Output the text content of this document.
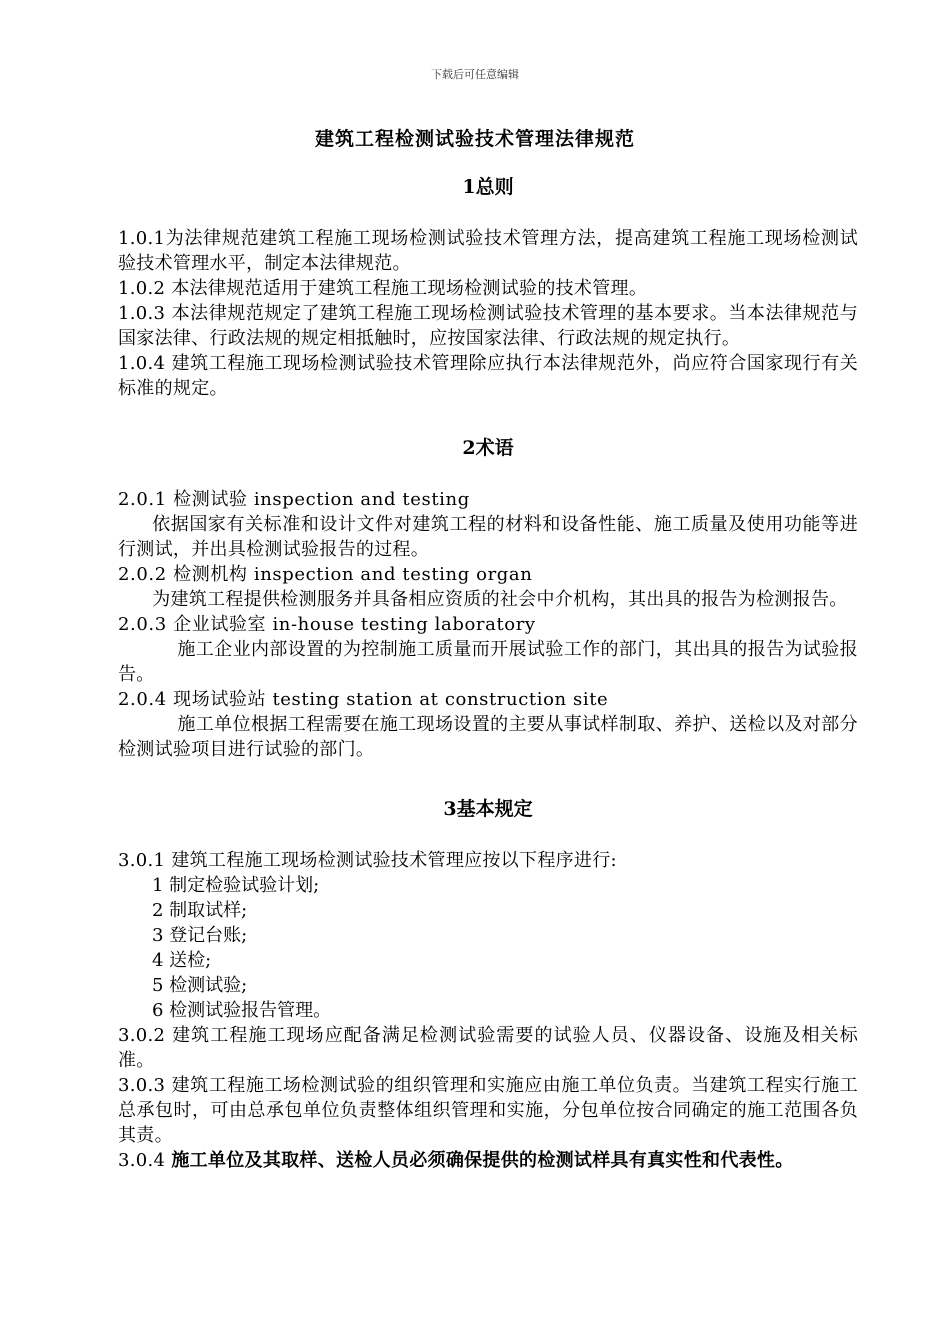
下载后可任意编辑
建筑工程检测试验技术管理法律规范
1总则

1.0.1为法律规范建筑工程施工现场检测试验技术管理方法，提高建筑工程施工现场检测试验技术管理水平，制定本法律规范。

1.0.2 本法律规范适用于建筑工程施工现场检测试验的技术管理。

1.0.3 本法律规范规定了建筑工程施工现场检测试验技术管理的基本要求。当本法律规范与国家法律、行政法规的规定相抵触时，应按国家法律、行政法规的规定执行。

1.0.4 建筑工程施工现场检测试验技术管理除应执行本法律规范外，尚应符合国家现行有关标准的规定。

2术语

2.0.1 检测试验 inspection and testing

依据国家有关标准和设计文件对建筑工程的材料和设备性能、施工质量及使用功能等进行测试，并出具检测试验报告的过程。

2.0.2 检测机构 inspection and testing organ

为建筑工程提供检测服务并具备相应资质的社会中介机构，其出具的报告为检测报告。

2.0.3 企业试验室 in-house testing laboratory

施工企业内部设置的为控制施工质量而开展试验工作的部门，其出具的报告为试验报告。

2.0.4 现场试验站 testing station at construction site

施工单位根据工程需要在施工现场设置的主要从事试样制取、养护、送检以及对部分检测试验项目进行试验的部门。

3基本规定

3.0.1 建筑工程施工现场检测试验技术管理应按以下程序进行:

1 制定检验试验计划;

2 制取试样;

3 登记台账;

4 送检;

5 检测试验;

6 检测试验报告管理。

3.0.2 建筑工程施工现场应配备满足检测试验需要的试验人员、仪器设备、设施及相关标准。

3.0.3 建筑工程施工场检测试验的组织管理和实施应由施工单位负责。当建筑工程实行施工总承包时，可由总承包单位负责整体组织管理和实施，分包单位按合同确定的施工范围各负其责。

3.0.4 施工单位及其取样、送检人员必须确保提供的检测试样具有真实性和代表性。
